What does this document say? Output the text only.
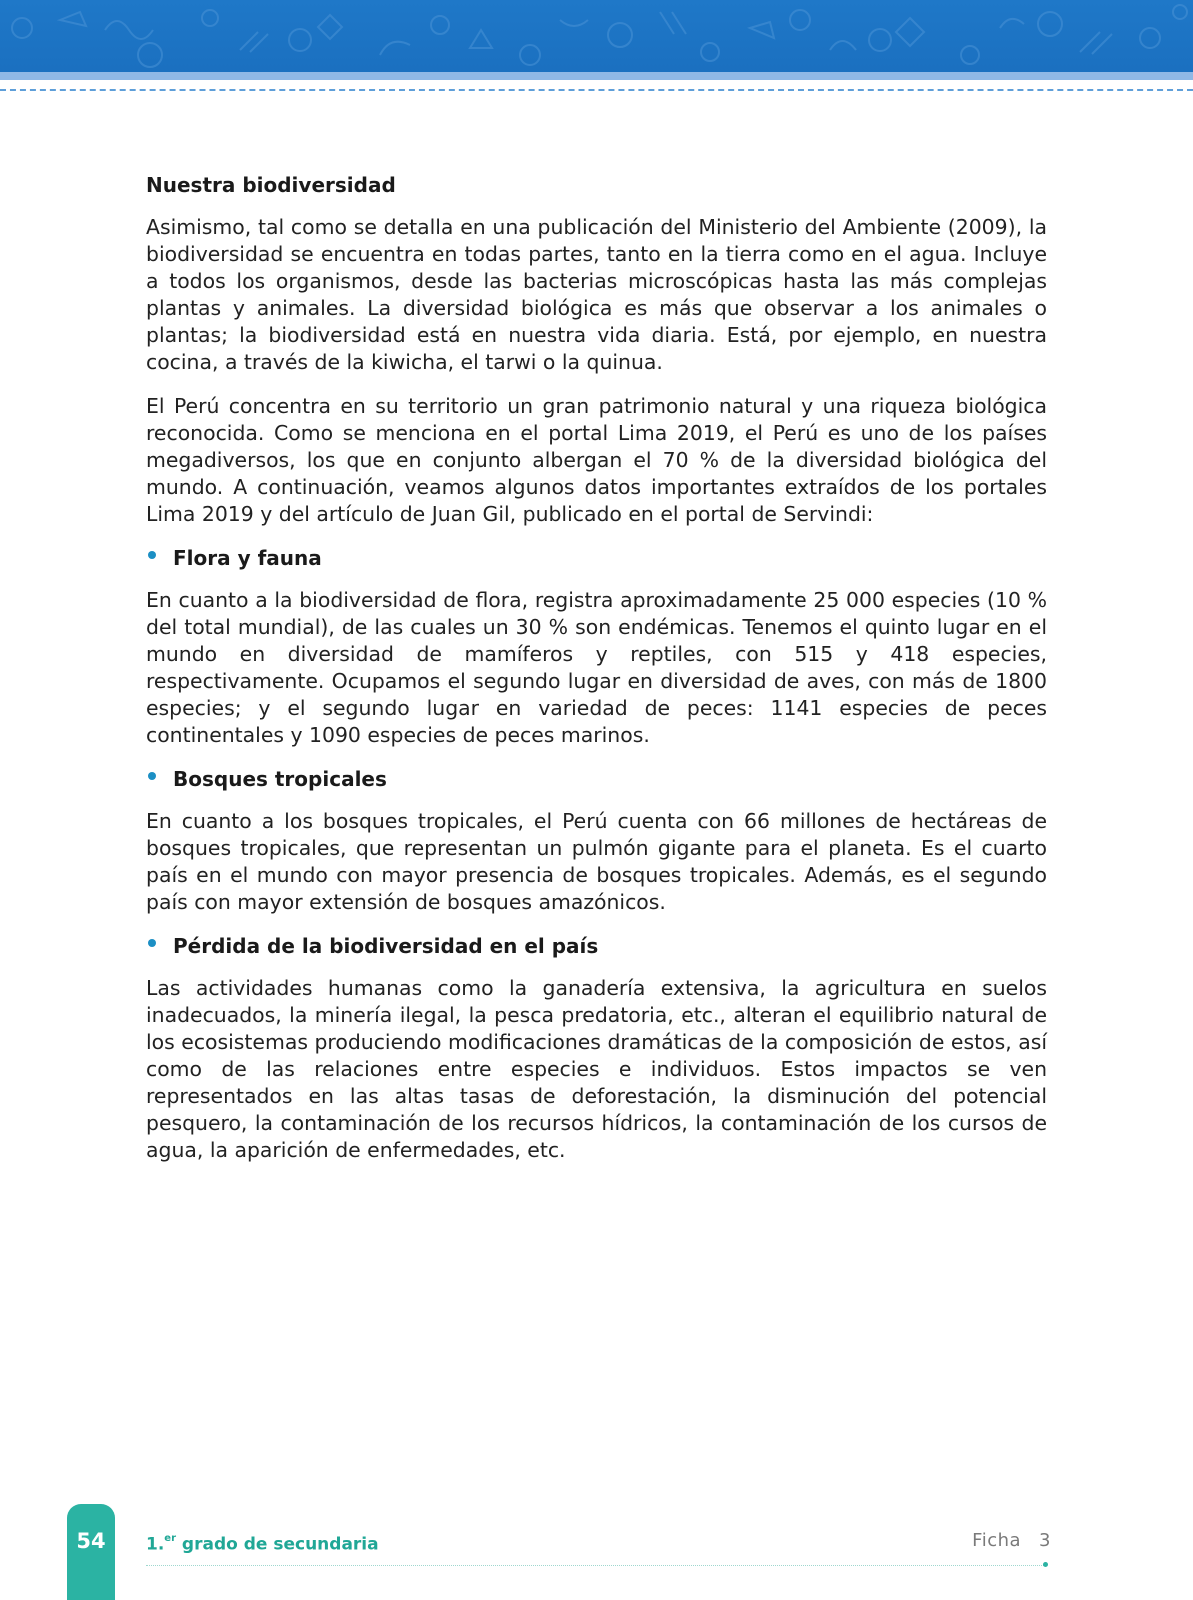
Nuestra biodiversidad

Asimismo, tal como se detalla en una publicación del Ministerio del Ambiente (2009), la biodiversidad se encuentra en todas partes, tanto en la tierra como en el agua. Incluye a todos los organismos, desde las bacterias microscópicas hasta las más complejas plantas y animales. La diversidad biológica es más que observar a los animales o plantas; la biodiversidad está en nuestra vida diaria. Está, por ejemplo, en nuestra cocina, a través de la kiwicha, el tarwi o la quinua.

El Perú concentra en su territorio un gran patrimonio natural y una riqueza biológica reconocida. Como se menciona en el portal Lima 2019, el Perú es uno de los países megadiversos, los que en conjunto albergan el 70 % de la diversidad biológica del mundo. A continuación, veamos algunos datos importantes extraídos de los portales Lima 2019 y del artículo de Juan Gil, publicado en el portal de Servindi:

Flora y fauna

En cuanto a la biodiversidad de flora, registra aproximadamente 25 000 especies (10 % del total mundial), de las cuales un 30 % son endémicas. Tenemos el quinto lugar en el mundo en diversidad de mamíferos y reptiles, con 515 y 418 especies, respectivamente. Ocupamos el segundo lugar en diversidad de aves, con más de 1800 especies; y el segundo lugar en variedad de peces: 1141 especies de peces continentales y 1090 especies de peces marinos.

Bosques tropicales

En cuanto a los bosques tropicales, el Perú cuenta con 66 millones de hectáreas de bosques tropicales, que representan un pulmón gigante para el planeta. Es el cuarto país en el mundo con mayor presencia de bosques tropicales. Además, es el segundo país con mayor extensión de bosques amazónicos.

Pérdida de la biodiversidad en el país

Las actividades humanas como la ganadería extensiva, la agricultura en suelos inadecuados, la minería ilegal, la pesca predatoria, etc., alteran el equilibrio natural de los ecosistemas produciendo modificaciones dramáticas de la composición de estos, así como de las relaciones entre especies e individuos. Estos impactos se ven representados en las altas tasas de deforestación, la disminución del potencial pesquero, la contaminación de los recursos hídricos, la contaminación de los cursos de agua, la aparición de enfermedades, etc.

54	1.$^{er}$ grado de secundaria	Ficha 3
